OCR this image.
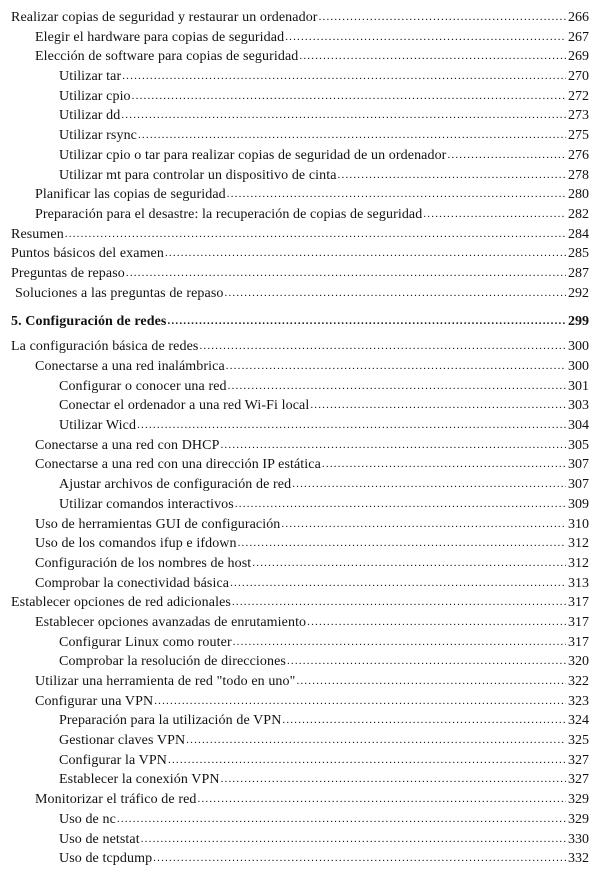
Realizar copias de seguridad y restaurar un ordenador .....	266
Elegir el hardware para copias de seguridad .....	267
Elección de software para copias de seguridad .....	269
Utilizar tar .....	270
Utilizar cpio .....	272
Utilizar dd .....	273
Utilizar rsync .....	275
Utilizar cpio o tar para realizar copias de seguridad de un ordenador .....	276
Utilizar mt para controlar un dispositivo de cinta .....	278
Planificar las copias de seguridad .....	280
Preparación para el desastre: la recuperación de copias de seguridad .....	282
Resumen .....	284
Puntos básicos del examen .....	285
Preguntas de repaso .....	287
Soluciones a las preguntas de repaso .....	292
5. Configuración de redes .....	299
La configuración básica de redes .....	300
Conectarse a una red inalámbrica .....	300
Configurar o conocer una red .....	301
Conectar el ordenador a una red Wi-Fi local .....	303
Utilizar Wicd .....	304
Conectarse a una red con DHCP .....	305
Conectarse a una red con una dirección IP estática .....	307
Ajustar archivos de configuración de red .....	307
Utilizar comandos interactivos .....	309
Uso de herramientas GUI de configuración .....	310
Uso de los comandos ifup e ifdown .....	312
Configuración de los nombres de host .....	312
Comprobar la conectividad básica .....	313
Establecer opciones de red adicionales .....	317
Establecer opciones avanzadas de enrutamiento .....	317
Configurar Linux como router .....	317
Comprobar la resolución de direcciones .....	320
Utilizar una herramienta de red "todo en uno" .....	322
Configurar una VPN .....	323
Preparación para la utilización de VPN .....	324
Gestionar claves VPN .....	325
Configurar la VPN .....	327
Establecer la conexión VPN .....	327
Monitorizar el tráfico de red .....	329
Uso de nc .....	329
Uso de netstat .....	330
Uso de tcpdump .....	332
